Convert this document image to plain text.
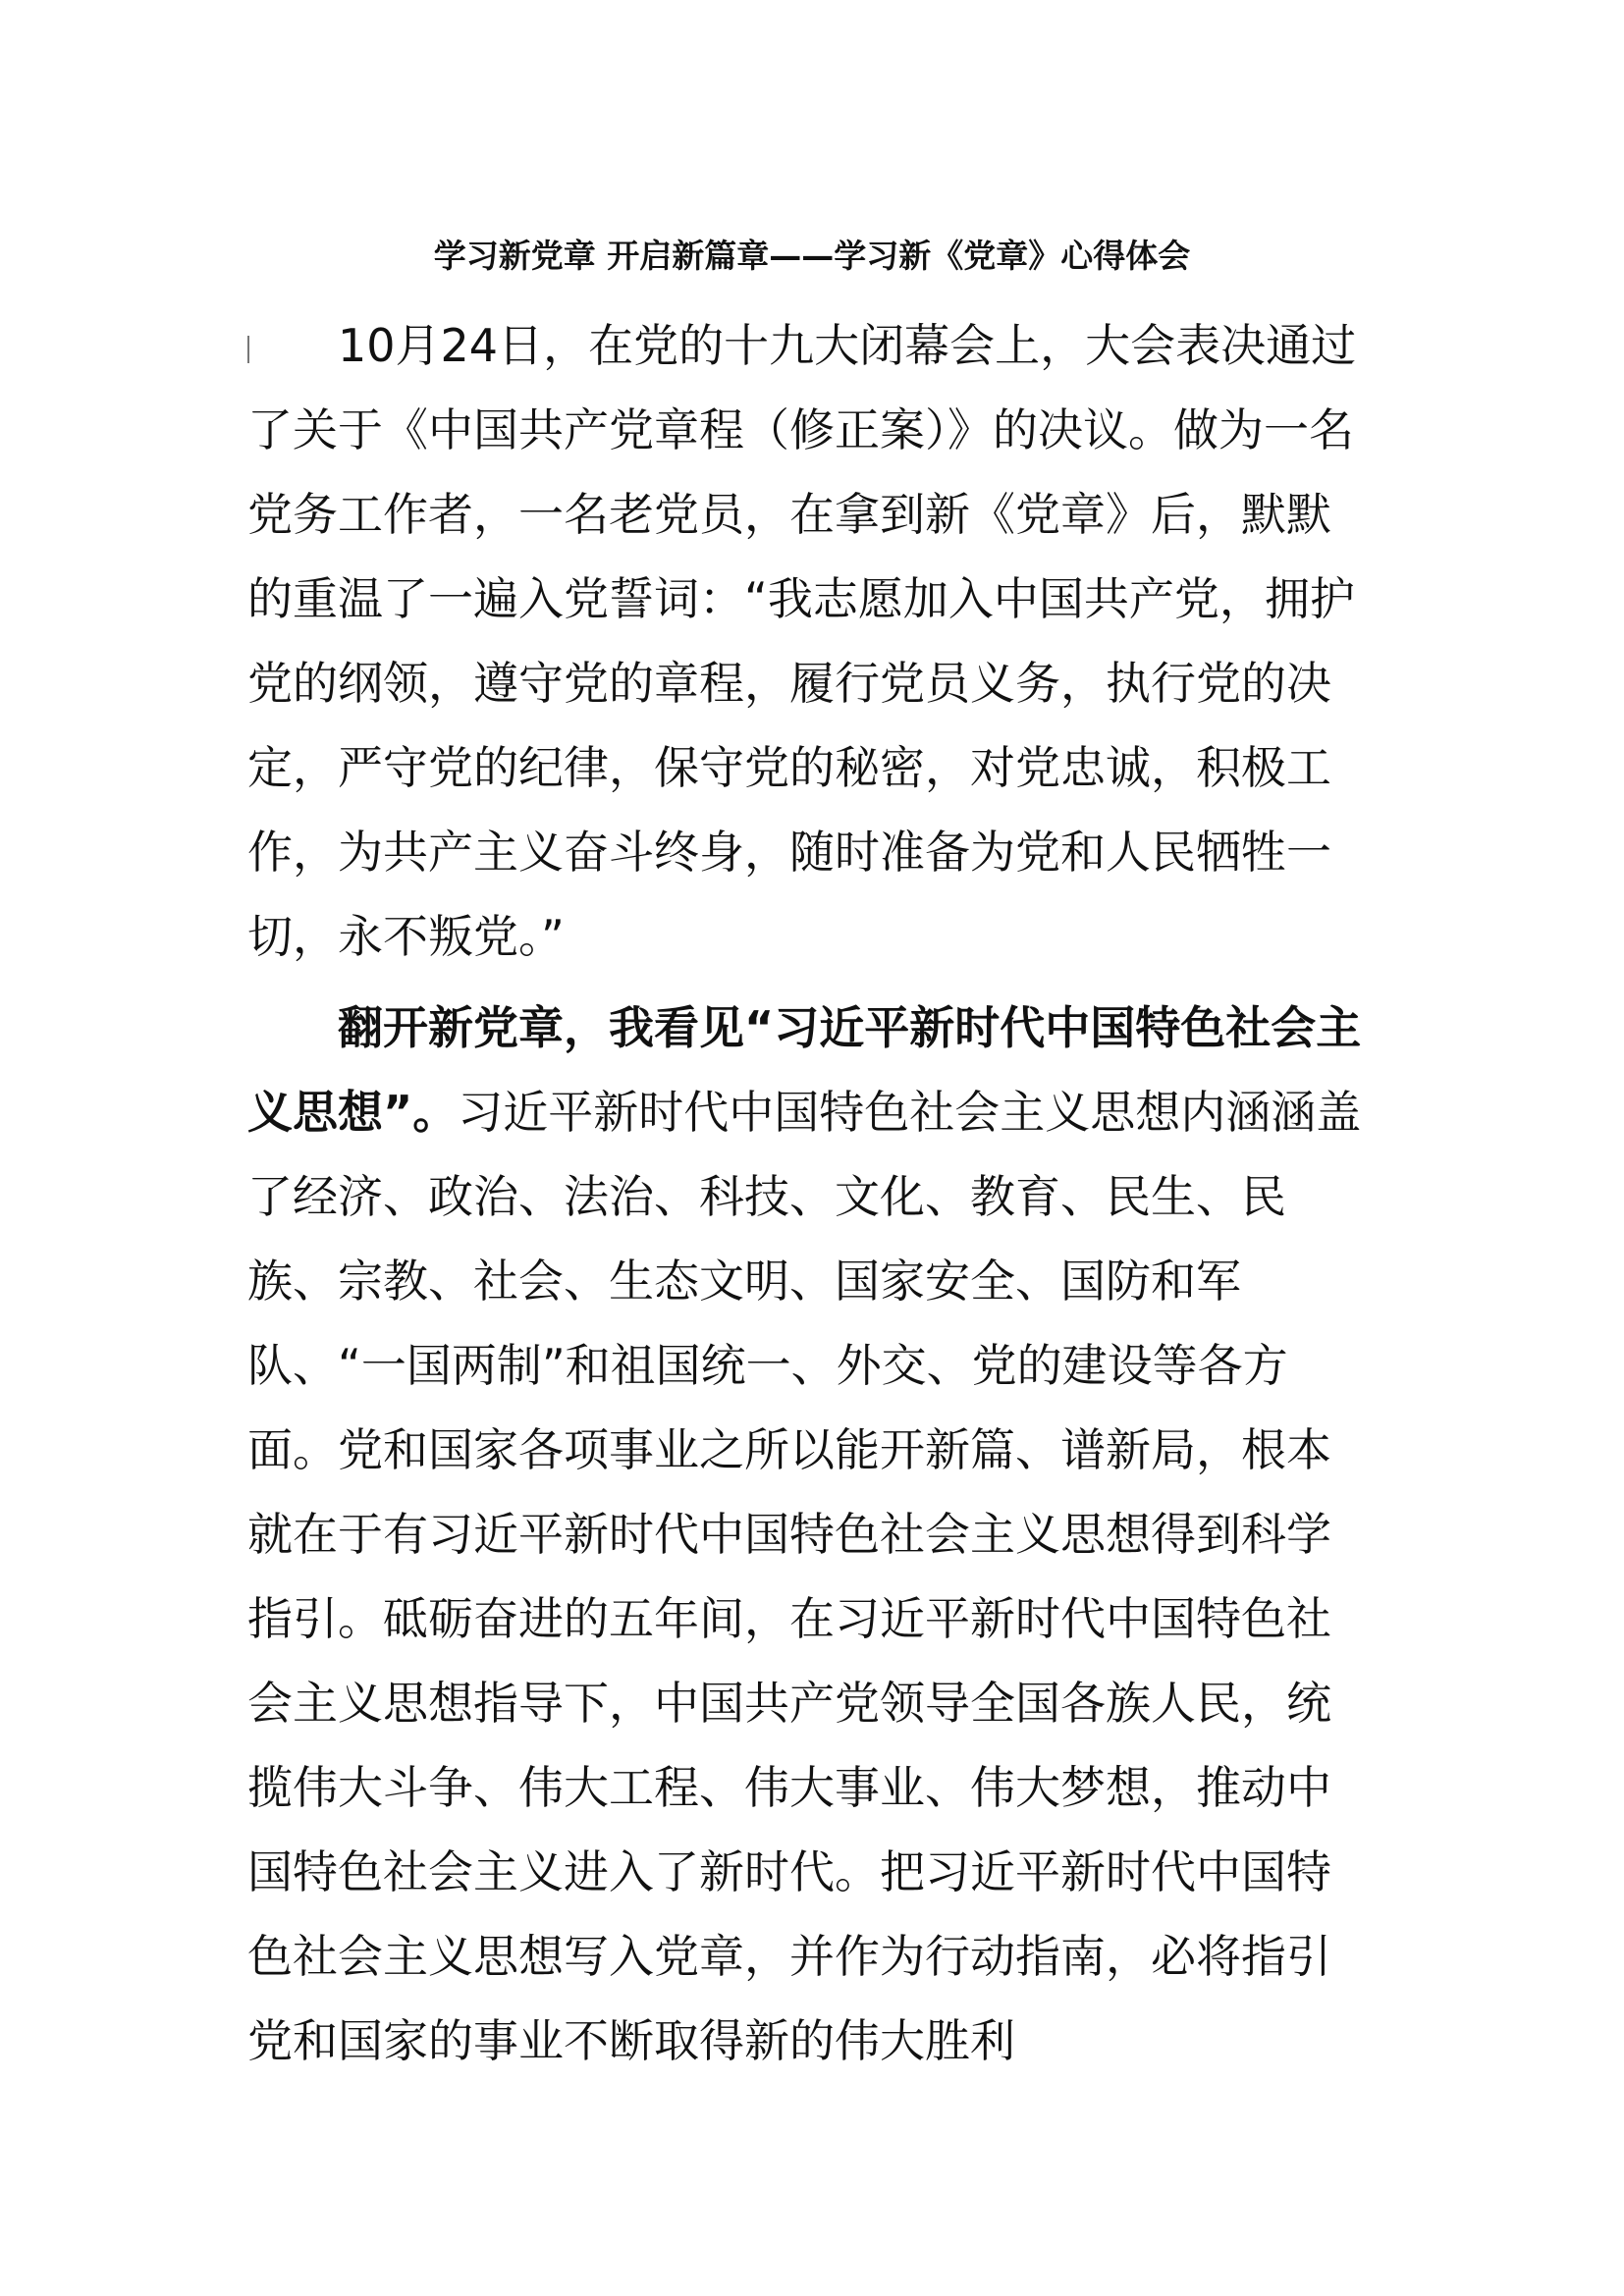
学习新党章 开启新篇章——学习新《党章》心得体会
10月24日，在党的十九大闭幕会上，大会表决通过了关于《中国共产党章程（修正案）》的决议。做为一名党务工作者，一名老党员，在拿到新《党章》后，默默的重温了一遍入党誓词：“我志愿加入中国共产党，拥护党的纲领，遵守党的章程，履行党员义务，执行党的决定，严守党的纪律，保守党的秘密，对党忠诚，积极工作，为共产主义奋斗终身，随时准备为党和人民牺牲一切，永不叛党。”
翻开新党章，我看见“习近平新时代中国特色社会主义思想”。习近平新时代中国特色社会主义思想内涵涵盖了经济、政治、法治、科技、文化、教育、民生、民族、宗教、社会、生态文明、国家安全、国防和军队、“一国两制”和祖国统一、外交、党的建设等各方面。党和国家各项事业之所以能开新篇、谱新局，根本就在于有习近平新时代中国特色社会主义思想得到科学指引。砥砺奋进的五年间，在习近平新时代中国特色社会主义思想指导下，中国共产党领导全国各族人民，统揽伟大斗争、伟大工程、伟大事业、伟大梦想，推动中国特色社会主义进入了新时代。把习近平新时代中国特色社会主义思想写入党章，并作为行动指南，必将指引党和国家的事业不断取得新的伟大胜利
